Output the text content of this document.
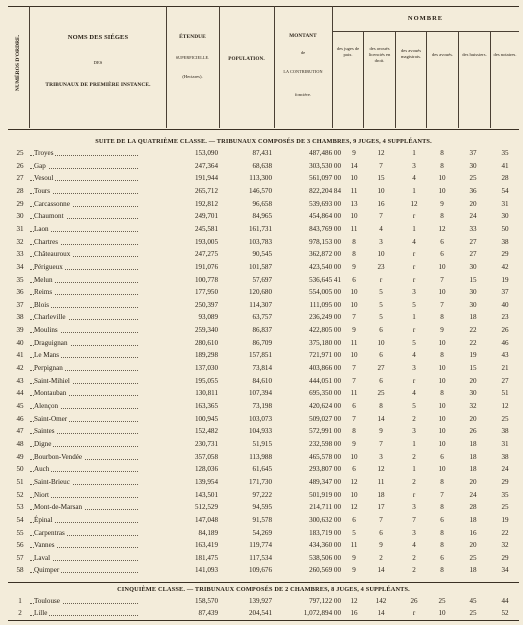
NUMÉROS D'ORDRE.	NOMS DES SIÉGES
DES
TRIBUNAUX DE PREMIÈRE INSTANCE.
ÉTENDUE
SUPERFICIELLE.
(Hectares).
POPULATION.
MONTANT
de
LA CONTRIBUTION
foncière.
NOMBRE
des juges de paix.
des avoués licenciés en droit.
des avoués magistrats.	des avoués.	des huissiers.	des notaires.
SUITE DE LA QUATRIÈME CLASSE. — TRIBUNAUX COMPOSÉS DE 3 CHAMBRES, 9 JUGES, 4 SUPPLÉANTS.
25	Troyes	153,090	87,431	487,486 00	9	12	1	8	37	35
26	Gap	247,364	68,638	303,530 00	14	7	3	8	30	41
27	Vesoul	191,944	113,300	561,097 00	10	15	4	10	25	28
28	Tours	265,712	146,570	822,204 84	11	10	1	10	36	54
29	Carcassonne	192,812	96,658	539,693 00	13	16	12	9	20	31
30	Chaumont	249,701	84,965	454,864 00	10	7	r	8	24	30
31	Laon	245,581	161,731	843,769 00	11	4	1	12	33	50
32	Chartres	193,005	103,783	978,153 00	8	3	4	6	27	38
33	Châteauroux	247,275	90,545	362,872 00	8	10	r	6	27	29
34	Périgueux	191,076	101,587	423,540 00	9	23	r	10	30	42
35	Melun	100,778	57,697	536,645 41	6	r	r	7	15	19
36	Reims	177,950	120,680	554,005 00	10	5	3	10	30	37
37	Blois	250,397	114,307	111,095 00	10	5	5	7	30	40
38	Charleville	93,089	63,757	236,249 00	7	5	1	8	18	23
39	Moulins	259,340	86,837	422,805 00	9	6	r	9	22	26
40	Draguignan	280,610	86,709	375,180 00	11	10	5	10	22	46
41	Le Mans	189,298	157,851	721,971 00	10	6	4	8	19	43
42	Perpignan	137,030	73,814	403,866 00	7	27	3	10	15	21
43	Saint-Mihiel	195,055	84,610	444,051 00	7	6	r	10	20	27
44	Montauban	130,811	107,394	695,350 00	11	25	4	8	30	51
45	Alençon	163,365	73,198	420,624 00	6	8	5	10	32	12
46	Saint-Omer	100,945	103,073	509,027 00	7	14	2	10	20	25
47	Saintes	152,482	104,933	572,991 00	8	9	3	10	26	38
48	Digne	230,731	51,915	232,598 00	9	7	1	10	18	31
49	Bourbon-Vendée	357,058	113,988	465,578 00	10	3	2	6	18	38
50	Auch	128,036	61,645	293,807 00	6	12	1	10	18	24
51	Saint-Brieuc	139,954	171,730	489,347 00	12	11	2	8	20	29
52	Niort	143,501	97,222	501,919 00	10	18	r	7	24	35
53	Mont-de-Marsan	512,529	94,595	214,711 00	12	17	3	8	28	25
54	Épinal	147,048	91,578	300,632 00	6	7	7	6	18	19
55	Carpentras	84,189	54,269	183,719 00	5	6	3	8	16	22
56	Vannes	163,419	119,774	434,360 00	11	9	4	8	20	32
57	Laval	181,475	117,534	538,506 00	9	2	2	6	25	29
58	Quimper	141,093	109,676	260,569 00	9	14	2	8	18	34
CINQUIÈME CLASSE. — TRIBUNAUX COMPOSÉS DE 2 CHAMBRES, 8 JUGES, 4 SUPPLÉANTS.
1	Toulouse	158,570	139,927	797,122 00	12	142	26	25	45	44
2	Lille	87,439	204,541	1,072,894 00	16	14	r	10	25	52
